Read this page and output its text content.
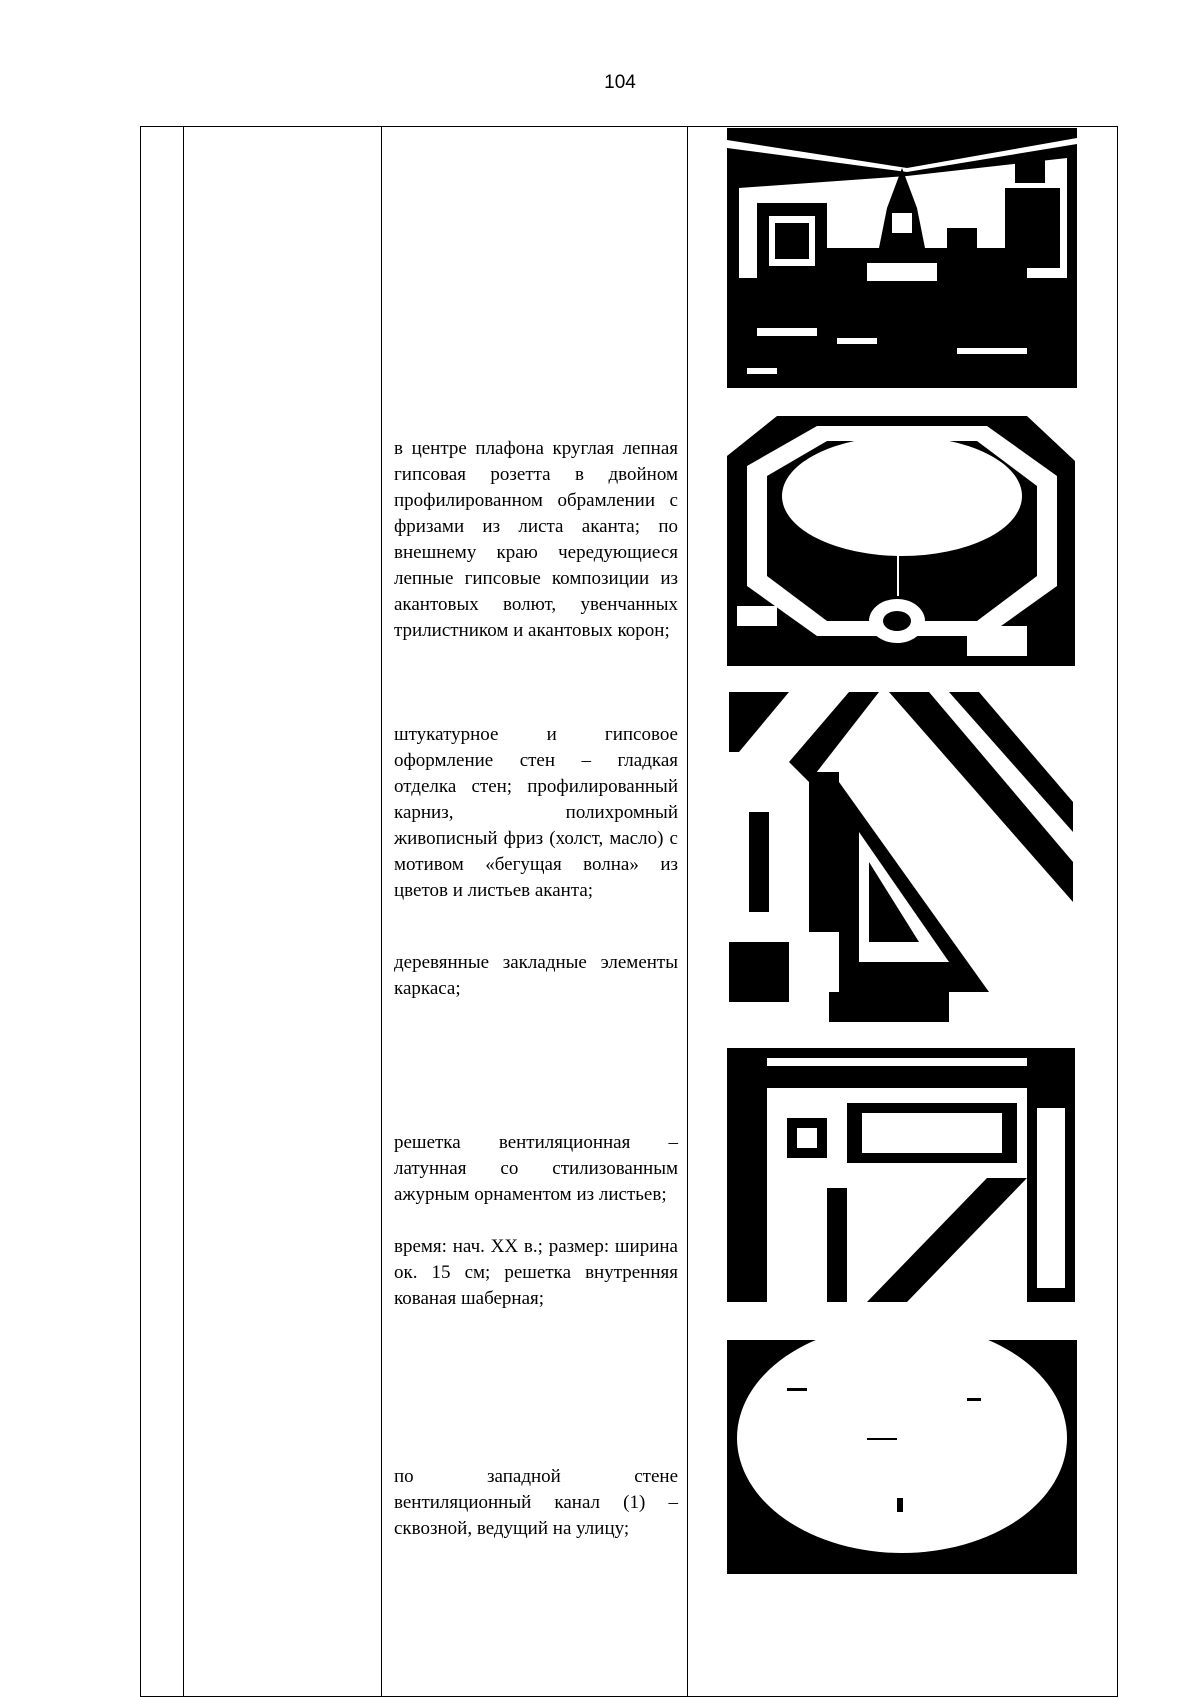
104

в центре плафона круглая лепная гипсовая розетта в двойном профилированном обрамлении с фризами из листа аканта; по внешнему краю чередующиеся лепные гипсовые композиции из акантовых волют, увенчанных трилистником и акантовых корон;

штукатурное и гипсовое оформление стен – гладкая отделка стен; профилированный карниз, полихромный живописный фриз (холст, масло) с мотивом «бегущая волна» из цветов и листьев аканта;

деревянные закладные элементы каркаса;

решетка вентиляционная – латунная со стилизованным ажурным орнаментом из листьев;

время: нач. XX в.; размер: ширина ок. 15 см; решетка внутренняя кованая шаберная;

по западной стене вентиляционный канал (1) – сквозной, ведущий на улицу;
